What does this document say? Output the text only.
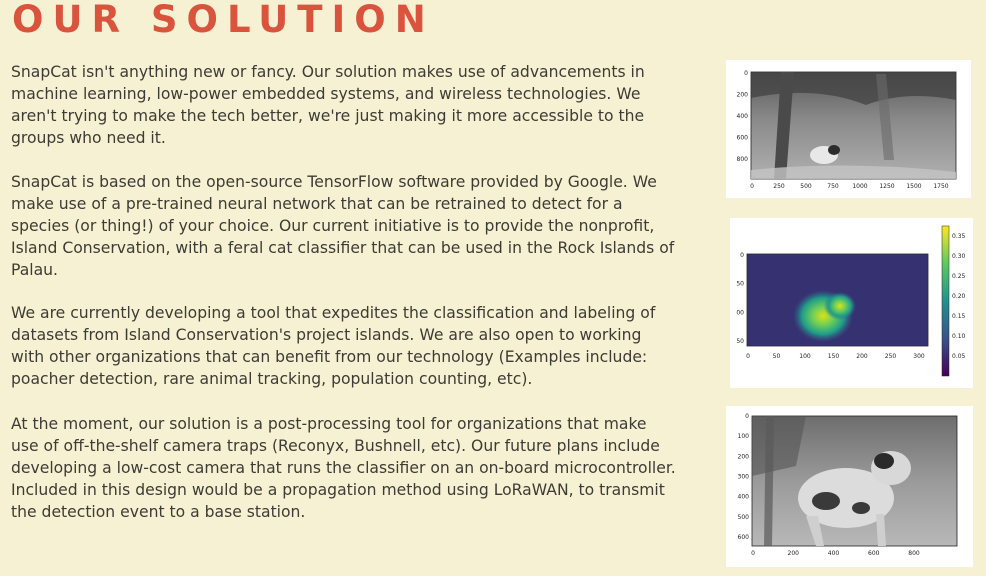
OUR SOLUTION

SnapCat isn't anything new or fancy. Our solution makes use of advancements in machine learning, low-power embedded systems, and wireless technologies. We aren't trying to make the tech better, we're just making it more accessible to the groups who need it.

SnapCat is based on the open-source TensorFlow software provided by Google. We make use of a pre-trained neural network that can be retrained to detect for a species (or thing!) of your choice. Our current initiative is to provide the nonprofit, Island Conservation, with a feral cat classifier that can be used in the Rock Islands of Palau.

We are currently developing a tool that expedites the classification and labeling of datasets from Island Conservation's project islands. We are also open to working with other organizations that can benefit from our technology (Examples include: poacher detection, rare animal tracking, population counting, etc).

At the moment, our solution is a post-processing tool for organizations that make use of off-the-shelf camera traps (Reconyx, Bushnell, etc). Our future plans include developing a low-cost camera that runs the classifier on an on-board microcontroller. Included in this design would be a propagation method using LoRaWAN, to transmit the detection event to a base station.

0	250	500	750 1000 1250 1500 1750
0
200
400
600
800
0	50	100	150	200	250	300
0
50
00
50
0.35
0.30
0.25
0.20
0.15
0.10
0.05
0	200	400	600	800
0
100
200
300
400
500
600
